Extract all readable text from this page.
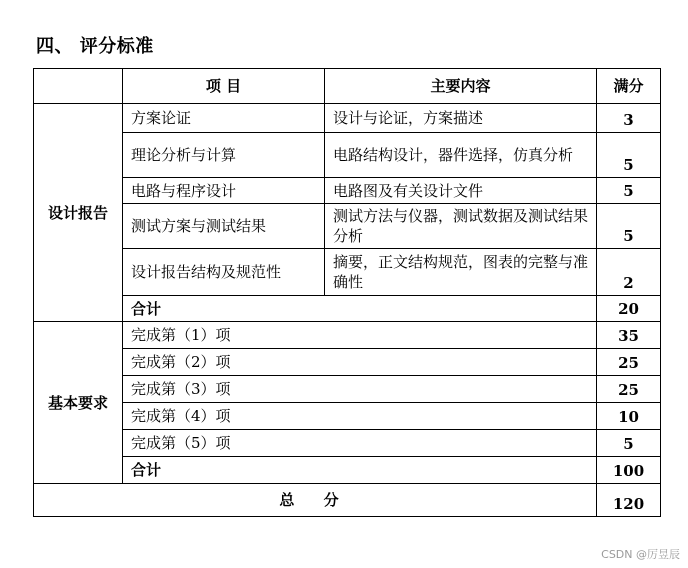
四、 评分标准
	项 目	主要内容	满分
设计报告	方案论证	设计与论证，方案描述	3
	理论分析与计算	电路结构设计，器件选择，仿真分析	5
	电路与程序设计	电路图及有关设计文件	5
	测试方案与测试结果	测试方法与仪器，测试数据及测试结果分析	5
	设计报告结构及规范性	摘要，正文结构规范，图表的完整与准确性	2
	合计		20
基本要求	完成第（1）项		35
	完成第（2）项		25
	完成第（3）项		25
	完成第（4）项		10
	完成第（5）项		5
	合计		100
总 分			120
CSDN @厉昱辰
